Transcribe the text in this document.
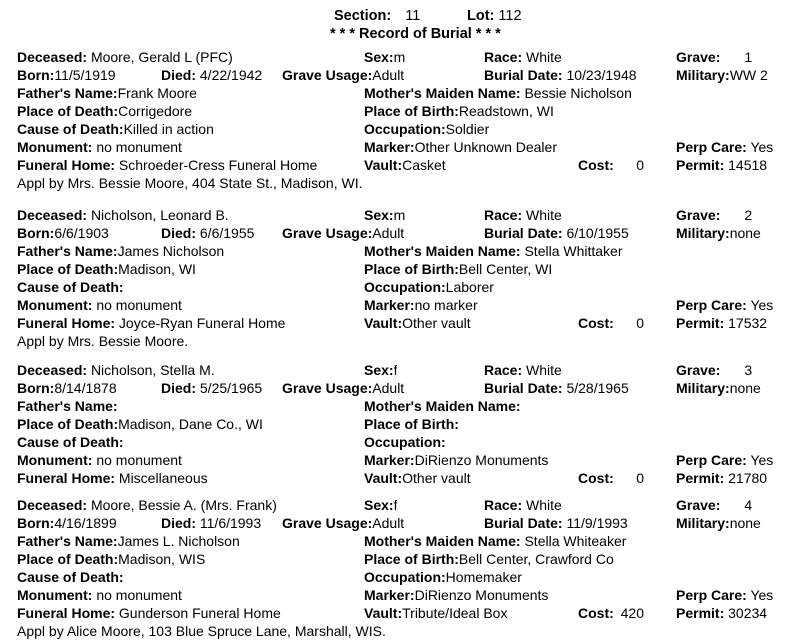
Section: 11	Lot: 112
* * * Record of Burial * * *
Deceased: Moore, Gerald L (PFC)	Sex:m	Race: White	Grave: 1
Born:11/5/1919	Died: 4/22/1942 Grave Usage:Adult	Burial Date: 10/23/1948	Military:WW 2
Father's Name:Frank Moore	Mother's Maiden Name: Bessie Nicholson
Place of Death:Corrigedore	Place of Birth:Readstown, WI
Cause of Death:Killed in action	Occupation:Soldier
Monument: no monument	Marker:Other Unknown Dealer	Perp Care: Yes
Funeral Home: Schroeder-Cress Funeral Home	Vault:Casket	Cost:	0 Permit: 14518
Appl by Mrs. Bessie Moore, 404 State St., Madison, WI.
Deceased: Nicholson, Leonard B.	Sex:m	Race: White	Grave: 2
Born:6/6/1903	Died: 6/6/1955 Grave Usage:Adult	Burial Date: 6/10/1955	Military:none
Father's Name:James Nicholson	Mother's Maiden Name: Stella Whittaker
Place of Death:Madison, WI	Place of Birth:Bell Center, WI
Cause of Death:	Occupation:Laborer
Monument: no monument	Marker:no marker	Perp Care: Yes
Funeral Home: Joyce-Ryan Funeral Home	Vault:Other vault	Cost:	0 Permit: 17532
Appl by Mrs. Bessie Moore.
Deceased: Nicholson, Stella M.	Sex:f	Race: White	Grave: 3
Born:8/14/1878	Died: 5/25/1965 Grave Usage:Adult	Burial Date: 5/28/1965	Military:none
Father's Name:	Mother's Maiden Name:
Place of Death:Madison, Dane Co., WI	Place of Birth:
Cause of Death:	Occupation:
Monument: no monument	Marker:DiRienzo Monuments	Perp Care: Yes
Funeral Home: Miscellaneous	Vault:Other vault	Cost:	0 Permit: 21780
Deceased: Moore, Bessie A. (Mrs. Frank)	Sex:f	Race: White	Grave: 4
Born:4/16/1899	Died: 11/6/1993 Grave Usage:Adult	Burial Date: 11/9/1993	Military:none
Father's Name:James L. Nicholson	Mother's Maiden Name: Stella Whiteaker
Place of Death:Madison, WIS	Place of Birth:Bell Center, Crawford Co
Cause of Death:	Occupation:Homemaker
Monument: no monument	Marker:DiRienzo Monuments	Perp Care: Yes
Funeral Home: Gunderson Funeral Home	Vault:Tribute/Ideal Box	Cost: 420 Permit: 30234
Appl by Alice Moore, 103 Blue Spruce Lane, Marshall, WIS.
